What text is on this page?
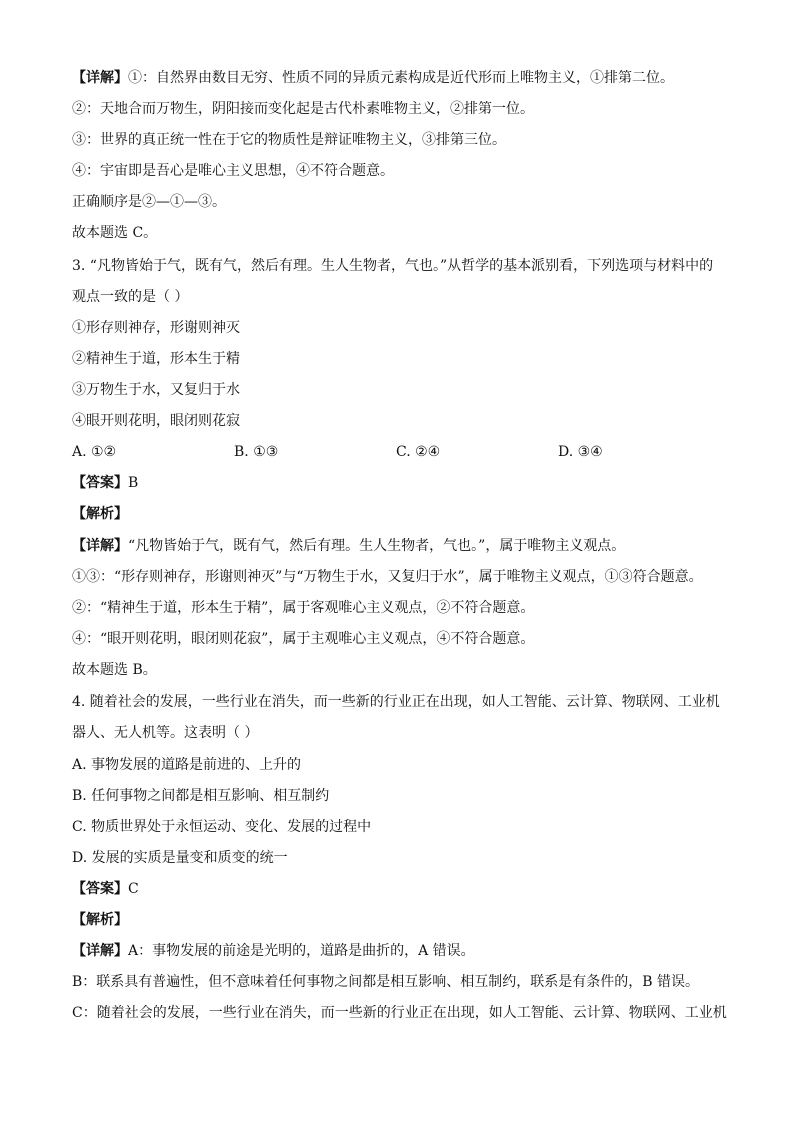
【详解】①：自然界由数目无穷、性质不同的异质元素构成是近代形而上唯物主义，①排第二位。
②：天地合而万物生，阴阳接而变化起是古代朴素唯物主义，②排第一位。
③：世界的真正统一性在于它的物质性是辩证唯物主义，③排第三位。
④：宇宙即是吾心是唯心主义思想，④不符合题意。
正确顺序是②—①—③。
故本题选 C。
3. “凡物皆始于气，既有气，然后有理。生人生物者，气也。”从哲学的基本派别看，下列选项与材料中的
观点一致的是（ ）
①形存则神存，形谢则神灭
②精神生于道，形本生于精
③万物生于水，又复归于水
④眼开则花明，眼闭则花寂
A. ①②	B. ①③	C. ②④	D. ③④
【答案】B
【解析】
【详解】“凡物皆始于气，既有气，然后有理。生人生物者，气也。”，属于唯物主义观点。
①③：“形存则神存，形谢则神灭”与“万物生于水，又复归于水”，属于唯物主义观点，①③符合题意。
②：“精神生于道，形本生于精”，属于客观唯心主义观点，②不符合题意。
④：“眼开则花明，眼闭则花寂”，属于主观唯心主义观点，④不符合题意。
故本题选 B。
4. 随着社会的发展，一些行业在消失，而一些新的行业正在出现，如人工智能、云计算、物联网、工业机
器人、无人机等。这表明（ ）
A. 事物发展的道路是前进的、上升的
B. 任何事物之间都是相互影响、相互制约
C. 物质世界处于永恒运动、变化、发展的过程中
D. 发展的实质是量变和质变的统一
【答案】C
【解析】
【详解】A：事物发展的前途是光明的，道路是曲折的，A 错误。
B：联系具有普遍性，但不意味着任何事物之间都是相互影响、相互制约，联系是有条件的，B 错误。
C：随着社会的发展，一些行业在消失，而一些新的行业正在出现，如人工智能、云计算、物联网、工业机
